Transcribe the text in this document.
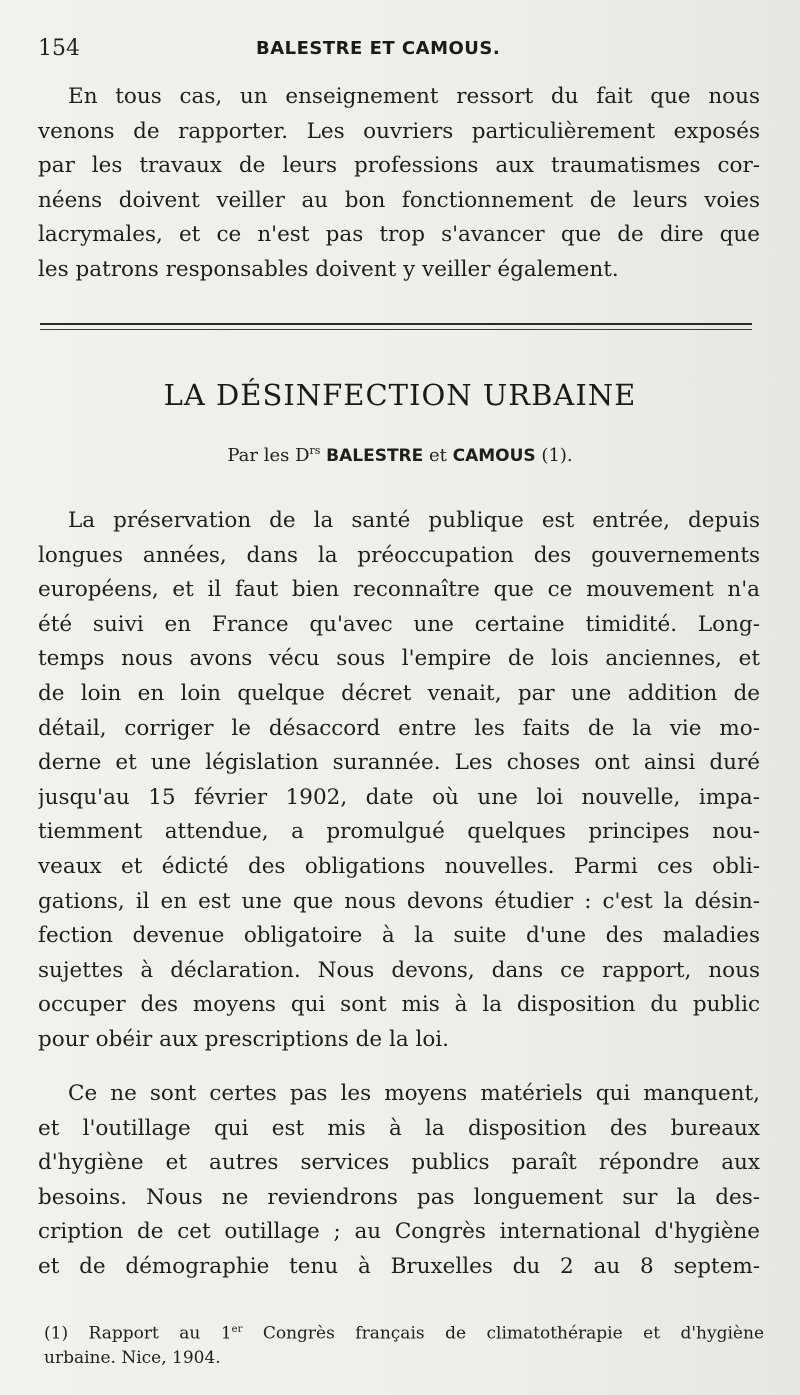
154	BALESTRE ET CAMOUS.
En tous cas, un enseignement ressort du fait que nous
venons de rapporter. Les ouvriers particulièrement exposés
par les travaux de leurs professions aux traumatismes cor-
néens doivent veiller au bon fonctionnement de leurs voies
lacrymales, et ce n'est pas trop s'avancer que de dire que
les patrons responsables doivent y veiller également.
LA DÉSINFECTION URBAINE
Par les $D^{rs}$ BALESTRE et CAMOUS (1).
La préservation de la santé publique est entrée, depuis
longues années, dans la préoccupation des gouvernements
européens, et il faut bien reconnaître que ce mouvement n'a
été suivi en France qu'avec une certaine timidité. Long-
temps nous avons vécu sous l'empire de lois anciennes, et
de loin en loin quelque décret venait, par une addition de
détail, corriger le désaccord entre les faits de la vie mo-
derne et une législation surannée. Les choses ont ainsi duré
jusqu'au 15 février 1902, date où une loi nouvelle, impa-
tiemment attendue, a promulgué quelques principes nou-
veaux et édicté des obligations nouvelles. Parmi ces obli-
gations, il en est une que nous devons étudier : c'est la désin-
fection devenue obligatoire à la suite d'une des maladies
sujettes à déclaration. Nous devons, dans ce rapport, nous
occuper des moyens qui sont mis à la disposition du public
pour obéir aux prescriptions de la loi.
Ce ne sont certes pas les moyens matériels qui manquent,
et l'outillage qui est mis à la disposition des bureaux
d'hygiène et autres services publics paraît répondre aux
besoins. Nous ne reviendrons pas longuement sur la des-
cription de cet outillage ; au Congrès international d'hygiène
et de démographie tenu à Bruxelles du 2 au 8 septem-
(1) Rapport au 1er Congrès français de climatothérapie et d'hygiène
urbaine. Nice, 1904.
